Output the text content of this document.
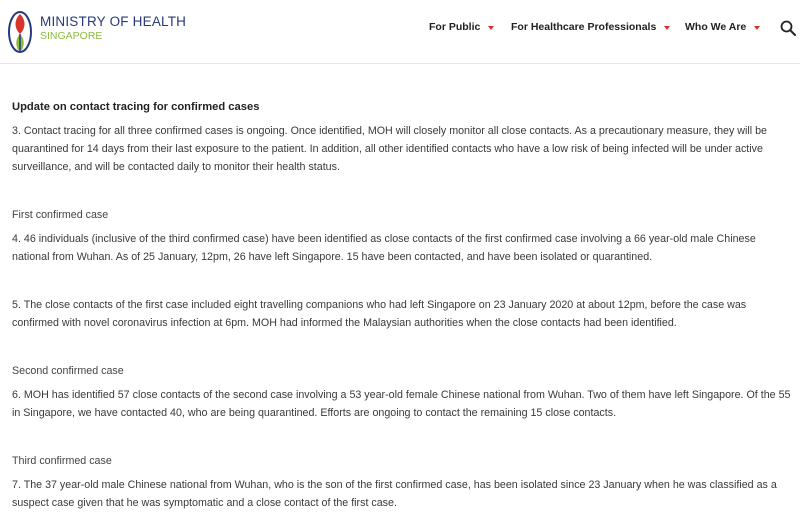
MINISTRY OF HEALTH
SINGAPORE
For Public	For Healthcare Professionals	Who We Are
Update on contact tracing for confirmed cases
3. Contact tracing for all three confirmed cases is ongoing. Once identified, MOH will closely monitor all close contacts. As a precautionary measure, they will be quarantined for 14 days from their last exposure to the patient. In addition, all other identified contacts who have a low risk of being infected will be under active surveillance, and will be contacted daily to monitor their health status.
First confirmed case
4. 46 individuals (inclusive of the third confirmed case) have been identified as close contacts of the first confirmed case involving a 66 year-old male Chinese national from Wuhan. As of 25 January, 12pm, 26 have left Singapore. 15 have been contacted, and have been isolated or quarantined.
5. The close contacts of the first case included eight travelling companions who had left Singapore on 23 January 2020 at about 12pm, before the case was confirmed with novel coronavirus infection at 6pm. MOH had informed the Malaysian authorities when the close contacts had been identified.
Second confirmed case
6. MOH has identified 57 close contacts of the second case involving a 53 year-old female Chinese national from Wuhan. Two of them have left Singapore. Of the 55 in Singapore, we have contacted 40, who are being quarantined. Efforts are ongoing to contact the remaining 15 close contacts.
Third confirmed case
7. The 37 year-old male Chinese national from Wuhan, who is the son of the first confirmed case, has been isolated since 23 January when he was classified as a suspect case given that he was symptomatic and a close contact of the first case.
